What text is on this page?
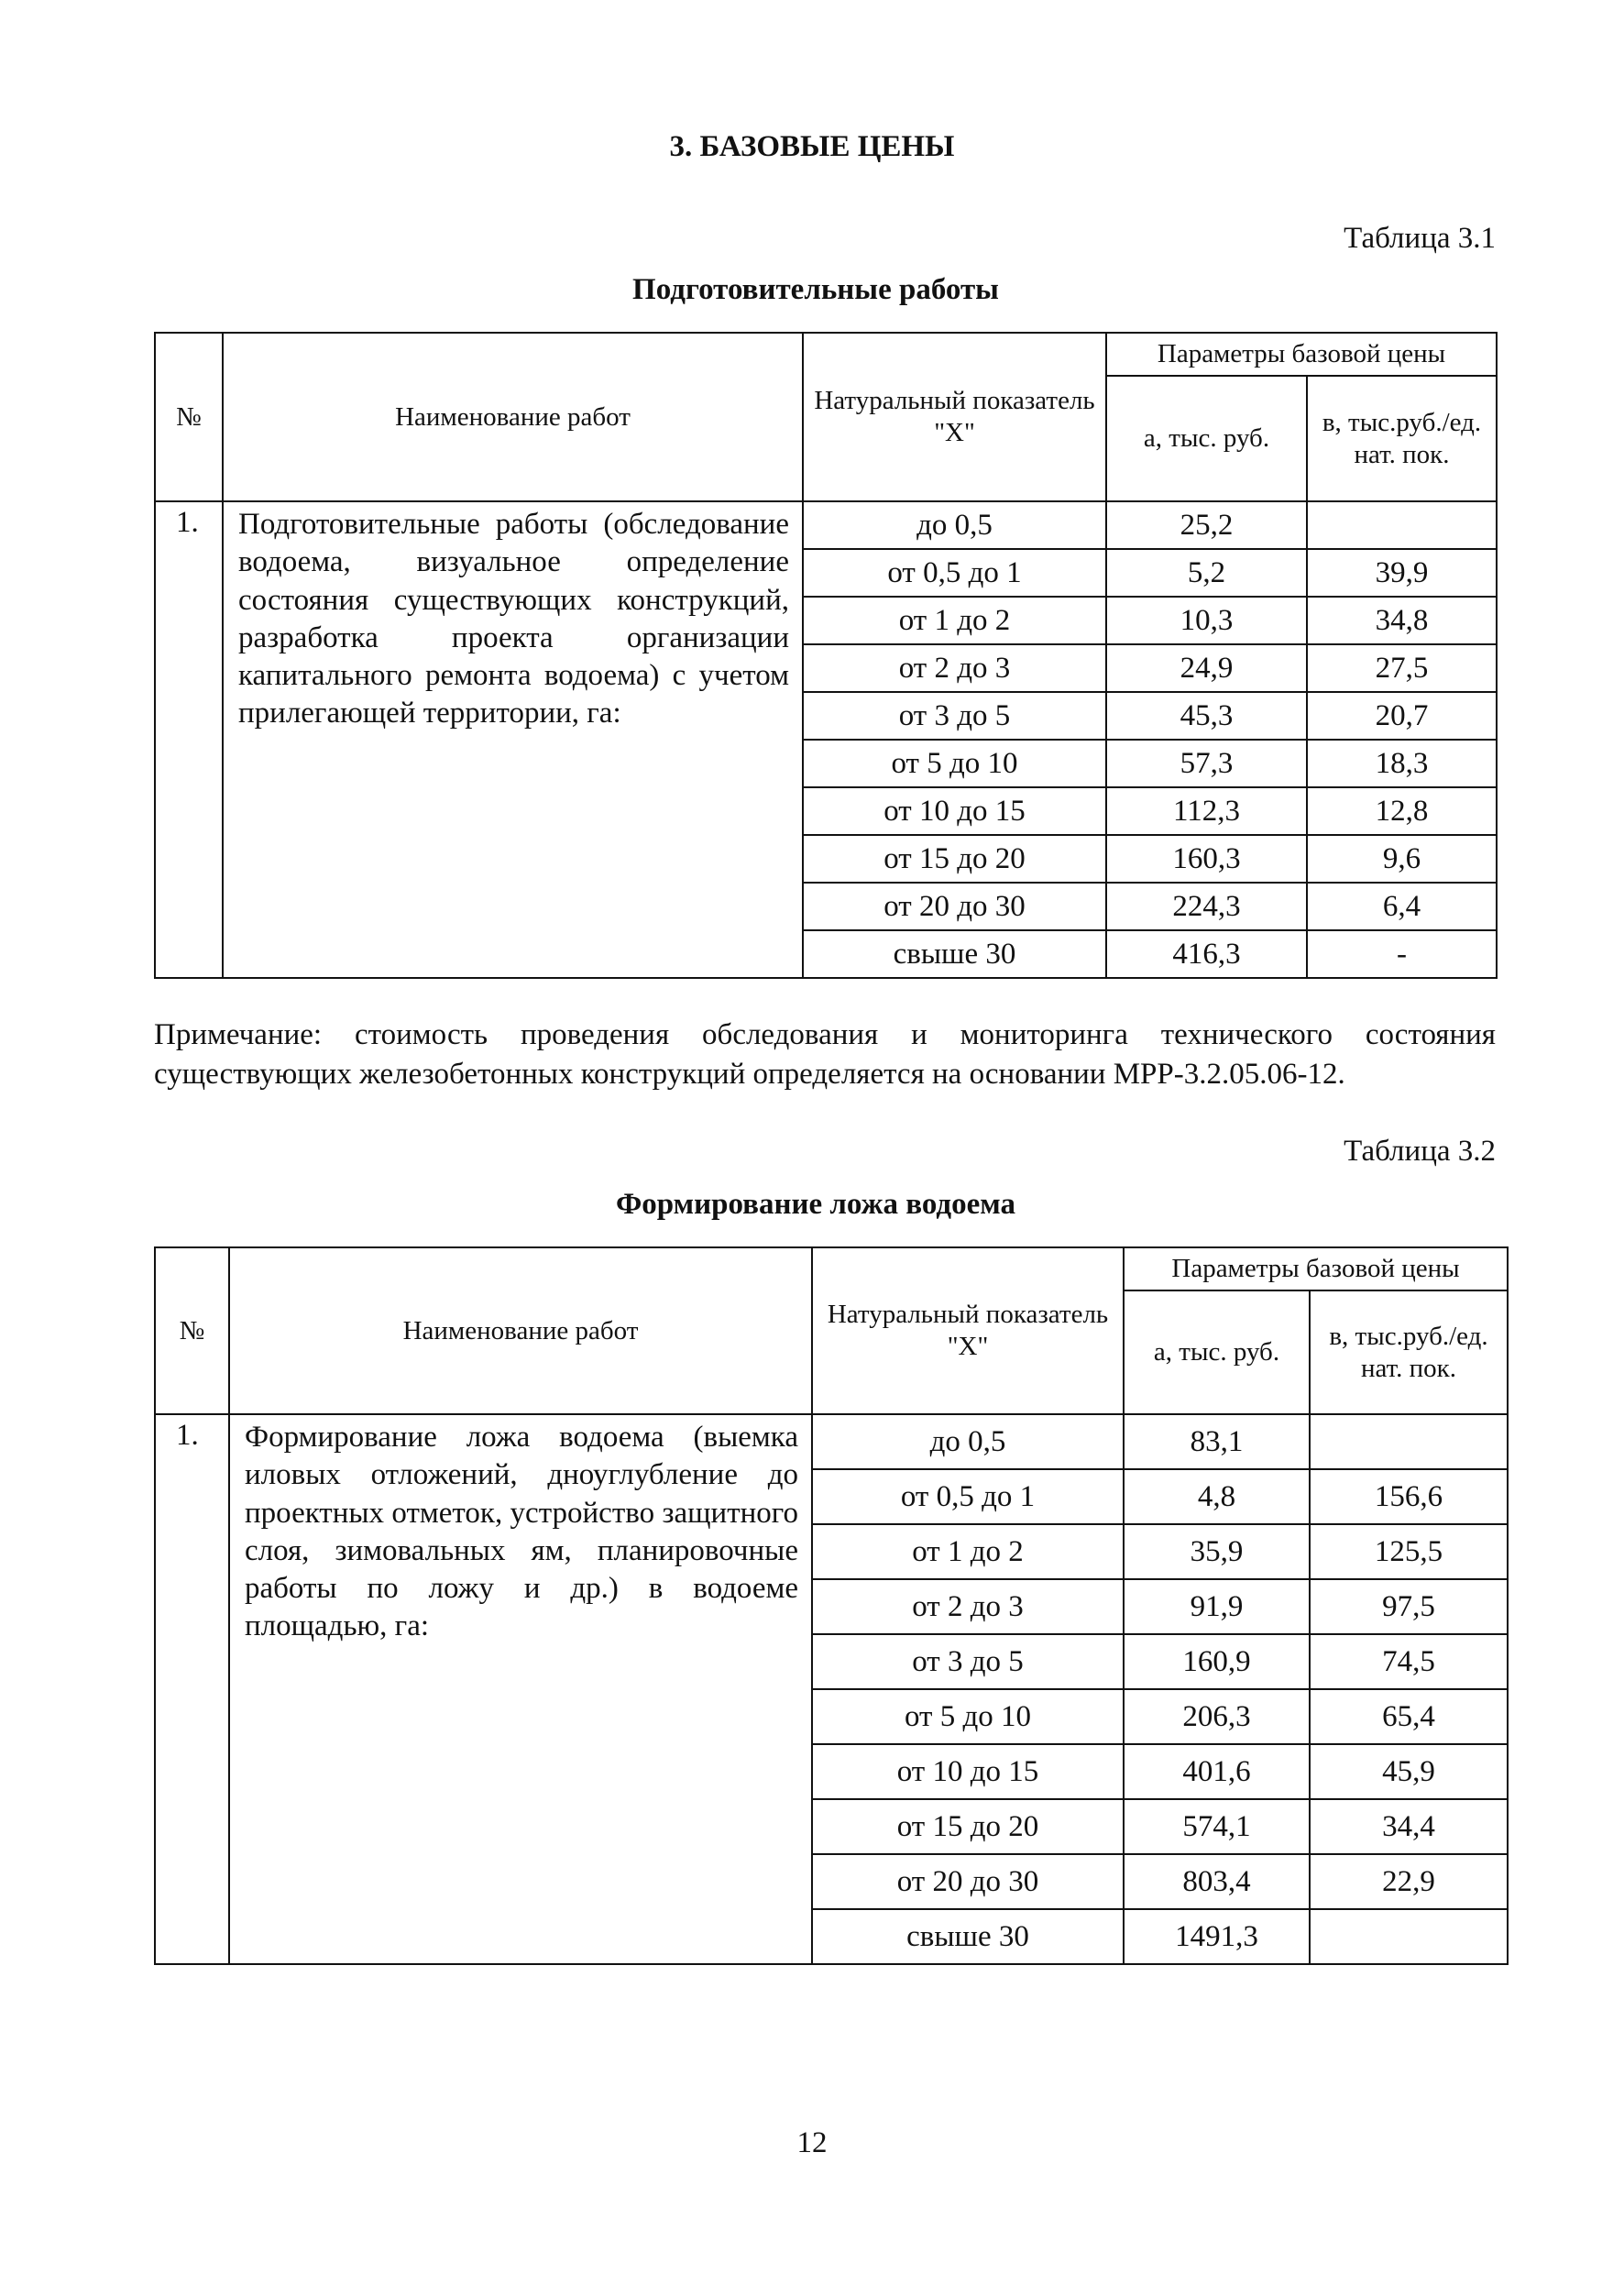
3. БАЗОВЫЕ ЦЕНЫ
Таблица 3.1
Подготовительные работы
№	Наименование работ	Натуральный показатель "Х"	Параметры базовой цены	
			а, тыс. руб.	в, тыс.руб./ед. нат. пок.
1.	Подготовительные работы (обследование водоема, визуальное определение состояния существующих конструкций, разработка проекта организации капитального ремонта водоема) с учетом прилегающей территории, га:	до 0,5	25,2	
		от 0,5 до 1	5,2	39,9
		от 1 до 2	10,3	34,8
		от 2 до 3	24,9	27,5
		от 3 до 5	45,3	20,7
		от 5 до 10	57,3	18,3
		от 10 до 15	112,3	12,8
		от 15 до 20	160,3	9,6
		от 20 до 30	224,3	6,4
		свыше 30	416,3	-
Примечание: стоимость проведения обследования и мониторинга технического состояния существующих железобетонных конструкций определяется на основании МРР-3.2.05.06-12.
Таблица 3.2
Формирование ложа водоема
№	Наименование работ	Натуральный показатель "Х"	Параметры базовой цены	
			а, тыс. руб.	в, тыс.руб./ед. нат. пок.
1.	Формирование ложа водоема (выемка иловых отложений, дноуглубление до проектных отметок, устройство защитного слоя, зимовальных ям, планировочные работы по ложу и др.) в водоеме площадью, га:	до 0,5	83,1	
		от 0,5 до 1	4,8	156,6
		от 1 до 2	35,9	125,5
		от 2 до 3	91,9	97,5
		от 3 до 5	160,9	74,5
		от 5 до 10	206,3	65,4
		от 10 до 15	401,6	45,9
		от 15 до 20	574,1	34,4
		от 20 до 30	803,4	22,9
		свыше 30	1491,3	
12
